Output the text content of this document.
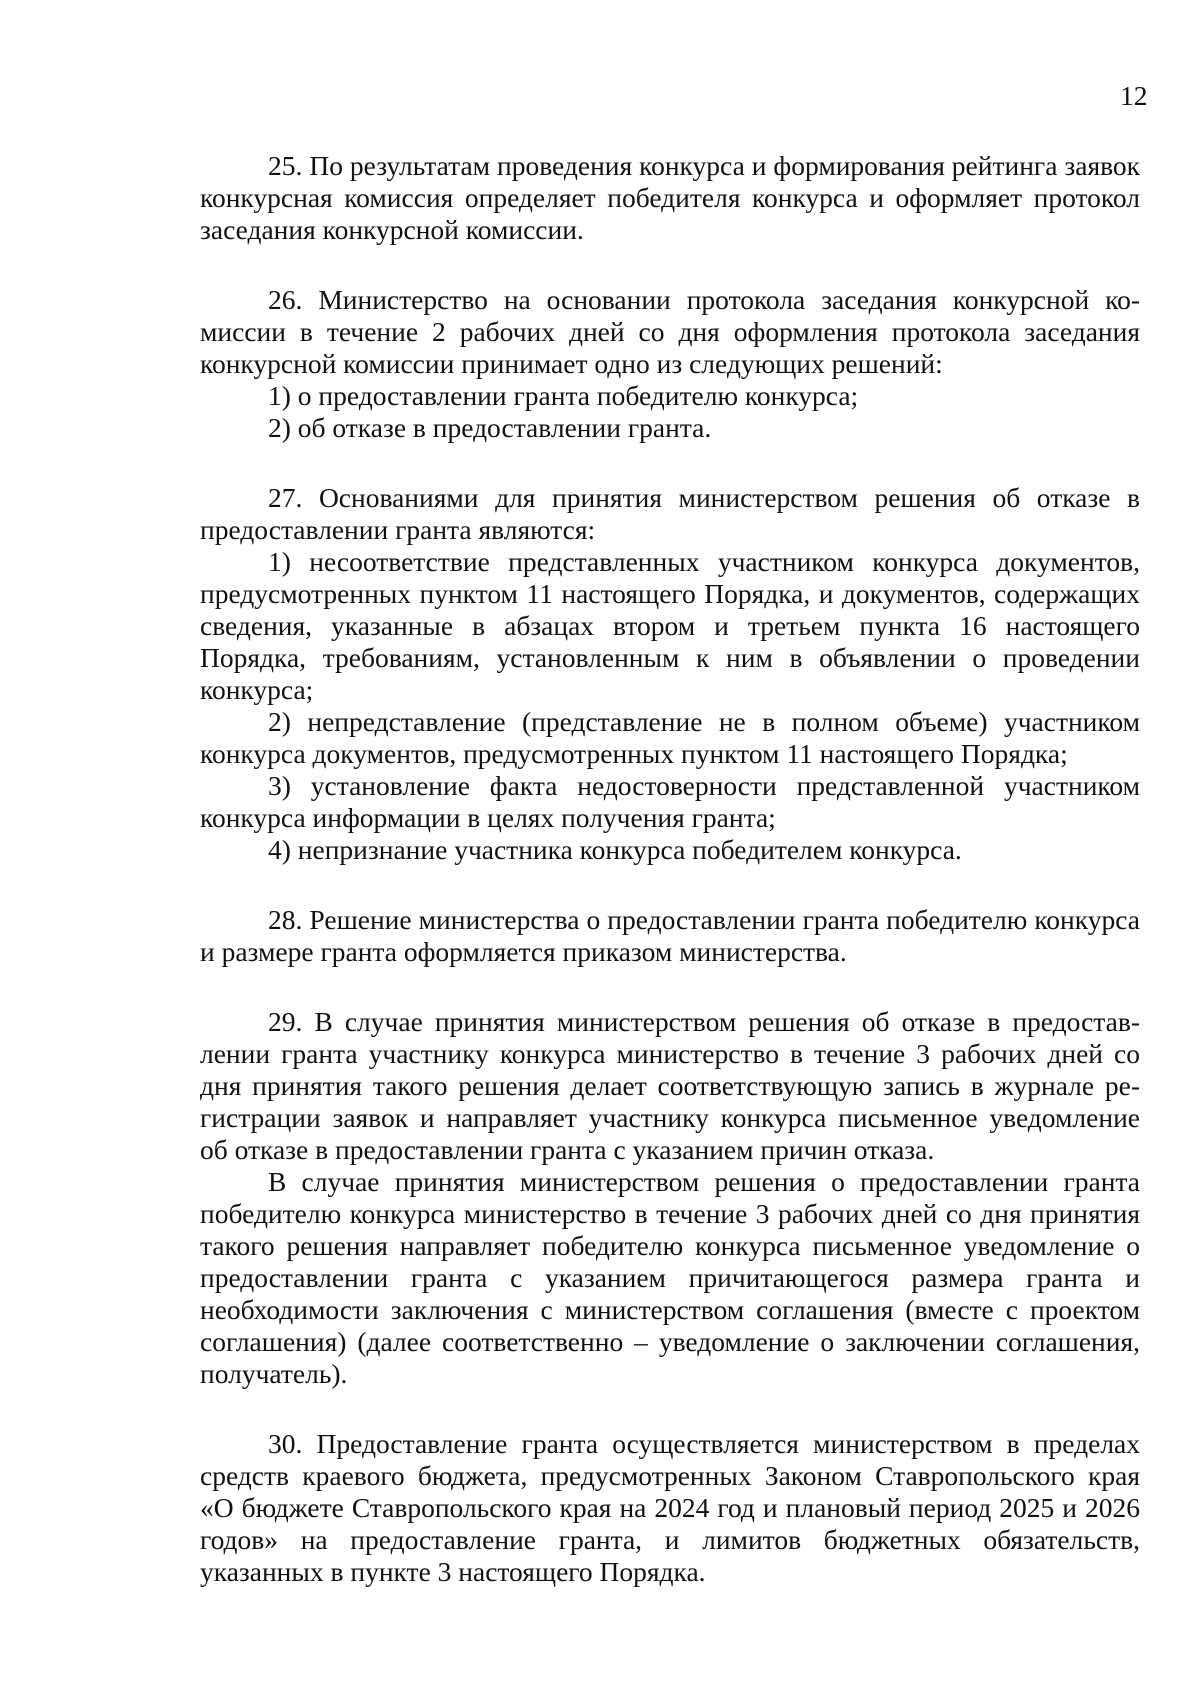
12

25. По результатам проведения конкурса и формирования рейтинга заявок конкурсная комиссия определяет победителя конкурса и оформляет протокол заседания конкурсной комиссии.

26. Министерство на основании протокола заседания конкурсной комиссии в течение 2 рабочих дней со дня оформления протокола заседания конкурсной комиссии принимает одно из следующих решений:

1) о предоставлении гранта победителю конкурса;

2) об отказе в предоставлении гранта.

27. Основаниями для принятия министерством решения об отказе в предоставлении гранта являются:

1) несоответствие представленных участником конкурса документов, предусмотренных пунктом 11 настоящего Порядка, и документов, содержащих сведения, указанные в абзацах втором и третьем пункта 16 настоящего Порядка, требованиям, установленным к ним в объявлении о проведении конкурса;

2) непредставление (представление не в полном объеме) участником конкурса документов, предусмотренных пунктом 11 настоящего Порядка;

3) установление факта недостоверности представленной участником конкурса информации в целях получения гранта;

4) непризнание участника конкурса победителем конкурса.

28. Решение министерства о предоставлении гранта победителю конкурса и размере гранта оформляется приказом министерства.

29. В случае принятия министерством решения об отказе в предоставлении гранта участнику конкурса министерство в течение 3 рабочих дней со дня принятия такого решения делает соответствующую запись в журнале регистрации заявок и направляет участнику конкурса письменное уведомление об отказе в предоставлении гранта с указанием причин отказа.

В случае принятия министерством решения о предоставлении гранта победителю конкурса министерство в течение 3 рабочих дней со дня принятия такого решения направляет победителю конкурса письменное уведомление о предоставлении гранта с указанием причитающегося размера гранта и необходимости заключения с министерством соглашения (вместе с проектом соглашения) (далее соответственно – уведомление о заключении соглашения, получатель).

30. Предоставление гранта осуществляется министерством в пределах средств краевого бюджета, предусмотренных Законом Ставропольского края «О бюджете Ставропольского края на 2024 год и плановый период 2025 и 2026 годов» на предоставление гранта, и лимитов бюджетных обязательств, указанных в пункте 3 настоящего Порядка.
